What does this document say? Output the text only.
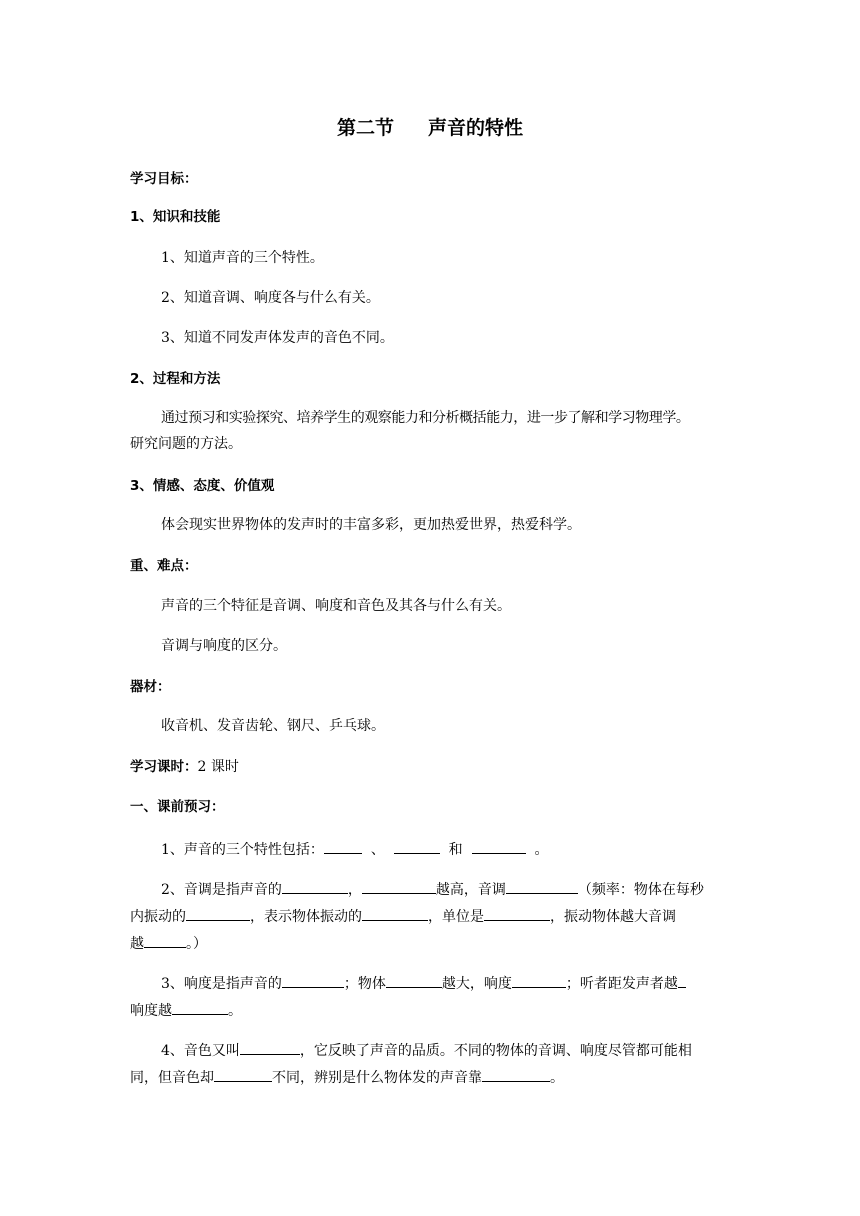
第二节 声音的特性

学习目标：

1、知识和技能

1、知道声音的三个特性。

2、知道音调、响度各与什么有关。

3、知道不同发声体发声的音色不同。

2、过程和方法

通过预习和实验探究、培养学生的观察能力和分析概括能力，进一步了解和学习物理学。

研究问题的方法。

3、情感、态度、价值观

体会现实世界物体的发声时的丰富多彩，更加热爱世界，热爱科学。

重、难点：

声音的三个特征是音调、响度和音色及其各与什么有关。

音调与响度的区分。

器材：

收音机、发音齿轮、钢尺、乒乓球。

学习课时：2 课时

一、课前预习：

1、声音的三个特性包括：	、	和	。

2、音调是指声音的	，	越高，音调	（频率：物体在每秒

内振动的	，表示物体振动的	，单位是	，振动物体越大音调

越	。）

3、响度是指声音的	；物体	越大，响度	；听者距发声者越

响度越	。

4、音色又叫	，它反映了声音的品质。不同的物体的音调、响度尽管都可能相

同，但音色却	不同，辨别是什么物体发的声音靠	。
